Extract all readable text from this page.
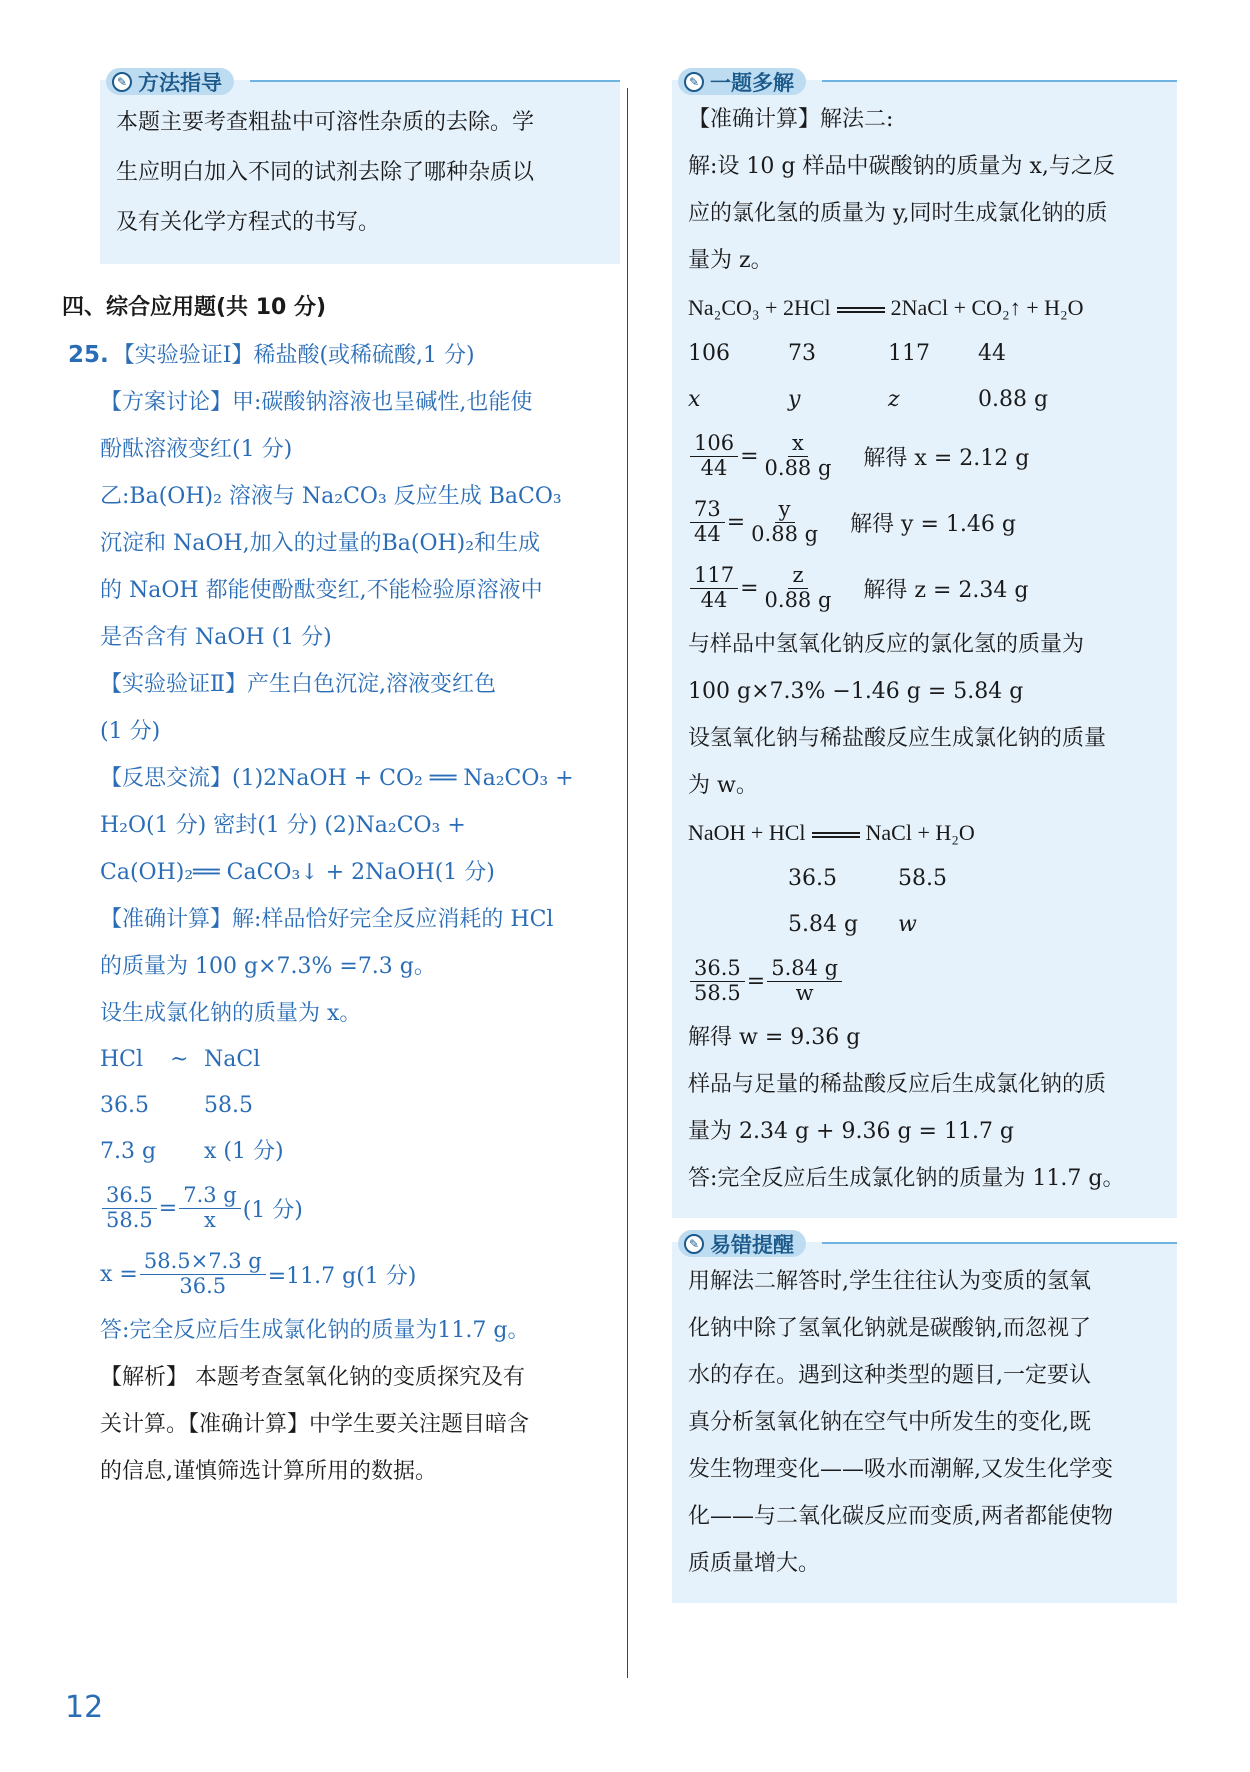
✎ 方法指导
本题主要考查粗盐中可溶性杂质的去除。学
生应明白加入不同的试剂去除了哪种杂质以
及有关化学方程式的书写。
四、综合应用题(共 10 分)
25. 【实验验证Ⅰ】稀盐酸(或稀硫酸,1 分)
【方案讨论】甲:碳酸钠溶液也呈碱性,也能使
酚酞溶液变红(1 分)
乙:Ba(OH)₂ 溶液与 Na₂CO₃ 反应生成 BaCO₃
沉淀和 NaOH,加入的过量的Ba(OH)₂和生成
的 NaOH 都能使酚酞变红,不能检验原溶液中
是否含有 NaOH (1 分)
【实验验证Ⅱ】产生白色沉淀,溶液变红色
(1 分)
【反思交流】(1)2NaOH + CO₂ ══ Na₂CO₃ +
H₂O(1 分) 密封(1 分) (2)Na₂CO₃ +
Ca(OH)₂══ CaCO₃↓ + 2NaOH(1 分)
【准确计算】解:样品恰好完全反应消耗的 HCl
的质量为 100 g×7.3% =7.3 g。
设生成氯化钠的质量为 x。
HCl	~ NaCl
36.5	58.5
7.3 g	x (1 分)
$\frac{36.5}{58.5} = \frac{7.3 g}{x} (1$ 分)
$x = \frac{58.5\times 7.3 g}{36.5} =11.7$ g(1 分)
答:完全反应后生成氯化钠的质量为11.7 g。
【解析】 本题考查氢氧化钠的变质探究及有
关计算。【准确计算】中学生要关注题目暗含
的信息,谨慎筛选计算所用的数据。
✎ 一题多解
【准确计算】解法二:
解:设 10 g 样品中碳酸钠的质量为 x,与之反
应的氯化氢的质量为 y,同时生成氯化钠的质
量为 z。
Na₂CO₃ + 2HCl	2NaCl + CO₂↑ + H₂O
106	73	117	44
x	y	z	0.88 g
$\frac{106}{44} = \frac{x}{0.88 g}$ 解得 x = 2.12 g
$\frac{73}{44} = \frac{y}{0.88 g}$ 解得 y = 1.46 g
$\frac{117}{44} = \frac{z}{0.88 g}$ 解得 z = 2.34 g
与样品中氢氧化钠反应的氯化氢的质量为
100 g×7.3% −1.46 g = 5.84 g
设氢氧化钠与稀盐酸反应生成氯化钠的质量
为 w。
NaOH + HCl	NaCl + H₂O
36.5	58.5
5.84 g	w
$\frac{36.5}{58.5} = \frac{5.84 g}{w}$
解得 w = 9.36 g
样品与足量的稀盐酸反应后生成氯化钠的质
量为 2.34 g + 9.36 g = 11.7 g
答:完全反应后生成氯化钠的质量为 11.7 g。
✎ 易错提醒
用解法二解答时,学生往往认为变质的氢氧
化钠中除了氢氧化钠就是碳酸钠,而忽视了
水的存在。遇到这种类型的题目,一定要认
真分析氢氧化钠在空气中所发生的变化,既
发生物理变化——吸水而潮解,又发生化学变
化——与二氧化碳反应而变质,两者都能使物
质质量增大。
12
